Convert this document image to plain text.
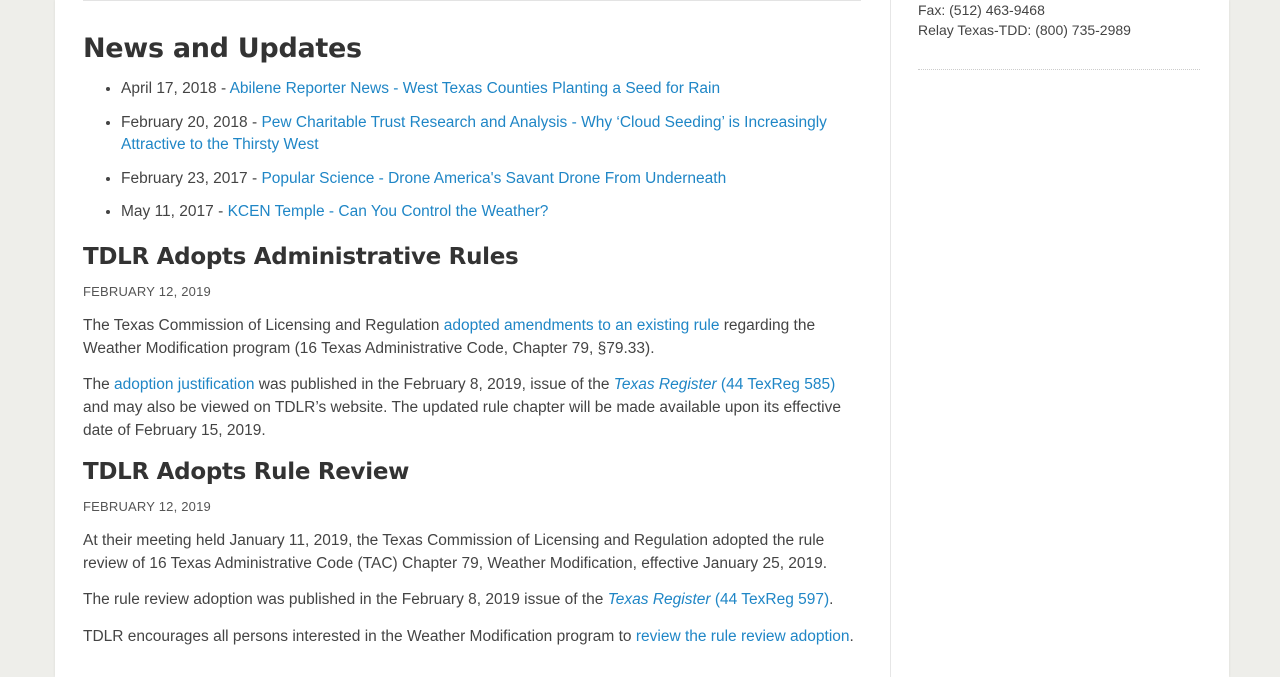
News and Updates
• April 17, 2018 - Abilene Reporter News - West Texas Counties Planting a Seed for Rain
• February 20, 2018 - Pew Charitable Trust Research and Analysis - Why ‘Cloud Seeding’ is Increasingly Attractive to the Thirsty West
• February 23, 2017 - Popular Science - Drone America's Savant Drone From Underneath
• May 11, 2017 - KCEN Temple - Can You Control the Weather?
TDLR Adopts Administrative Rules
FEBRUARY 12, 2019

The Texas Commission of Licensing and Regulation adopted amendments to an existing rule regarding the Weather Modification program (16 Texas Administrative Code, Chapter 79, §79.33).

The adoption justification was published in the February 8, 2019, issue of the Texas Register (44 TexReg 585) and may also be viewed on TDLR’s website. The updated rule chapter will be made available upon its effective date of February 15, 2019.

TDLR Adopts Rule Review
FEBRUARY 12, 2019

At their meeting held January 11, 2019, the Texas Commission of Licensing and Regulation adopted the rule review of 16 Texas Administrative Code (TAC) Chapter 79, Weather Modification, effective January 25, 2019.

The rule review adoption was published in the February 8, 2019 issue of the Texas Register (44 TexReg 597).

TDLR encourages all persons interested in the Weather Modification program to review the rule review adoption.

Fax: (512) 463-9468
Relay Texas-TDD: (800) 735-2989
